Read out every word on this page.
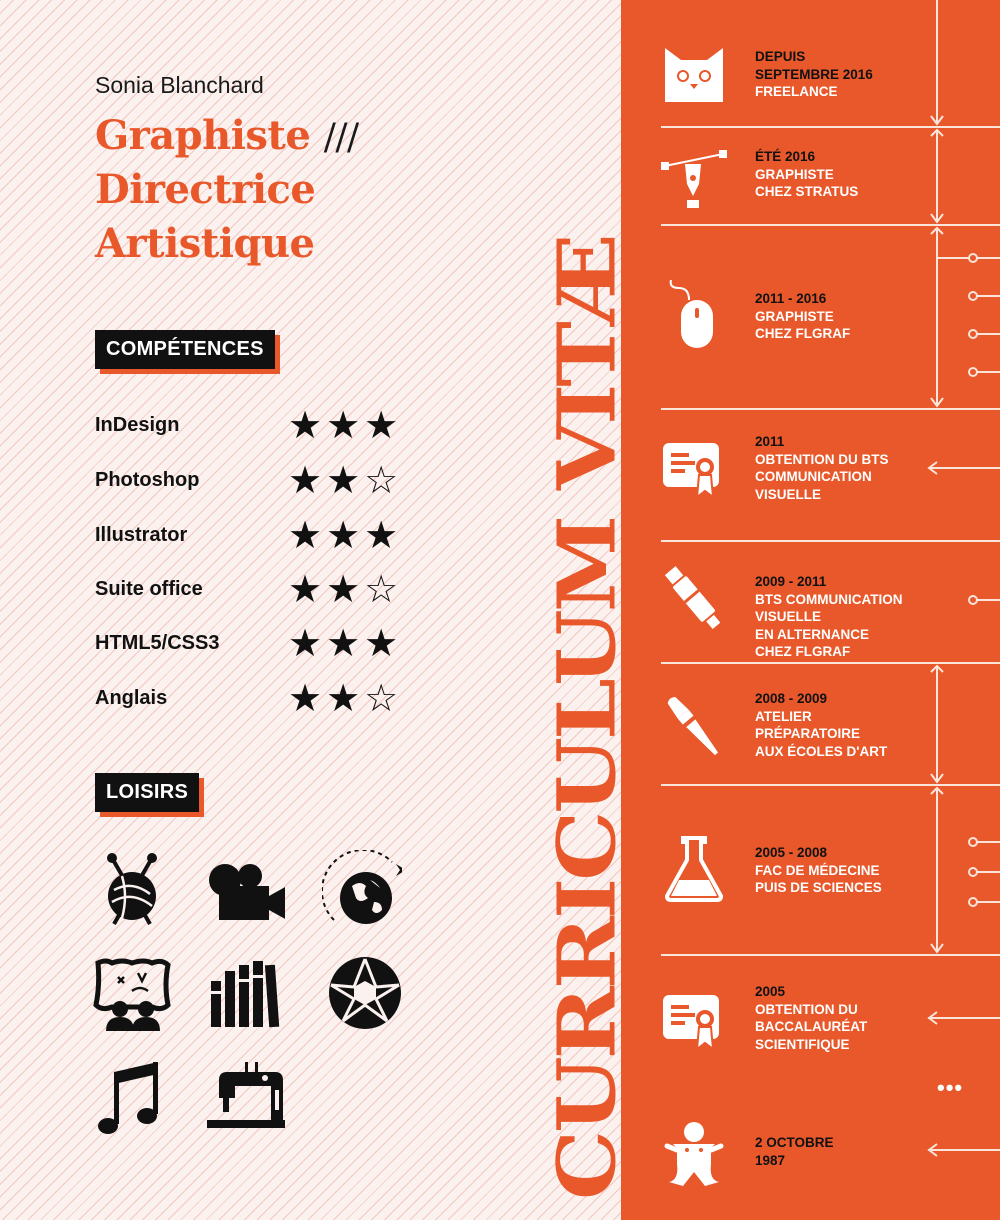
Sonia Blanchard
Graphiste ///
Directrice
Artistique
COMPÉTENCES
InDesign	★★★
Photoshop	★★☆
Illustrator	★★★
Suite office	★★☆
HTML5/CSS3	★★★
Anglais	★★☆
LOISIRS	CURRICULUM VITÆ
DEPUIS
SEPTEMBRE 2016
FREELANCE
ÉTÉ 2016
GRAPHISTE
CHEZ STRATUS
2011 - 2016
GRAPHISTE
CHEZ FLGRAF
2011
OBTENTION DU BTS
COMMUNICATION
VISUELLE
2009 - 2011
BTS COMMUNICATION
VISUELLE
EN ALTERNANCE
CHEZ FLGRAF
2008 - 2009
ATELIER
PRÉPARATOIRE
AUX ÉCOLES D'ART
2005 - 2008
FAC DE MÉDECINE
PUIS DE SCIENCES
2005
OBTENTION DU
BACCALAURÉAT
SCIENTIFIQUE
•••
2 OCTOBRE
1987
